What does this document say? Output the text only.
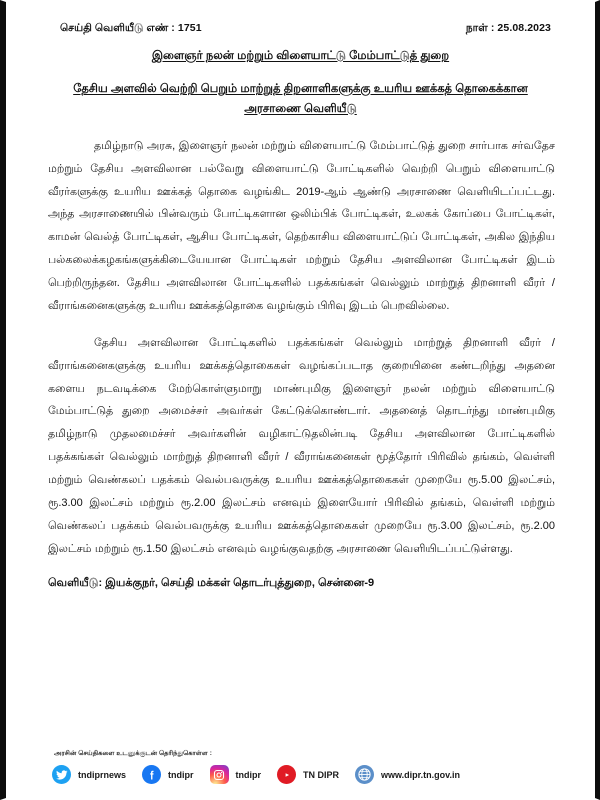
செய்தி வெளியீடு எண் : 1751	நாள் : 25.08.2023
இளைஞர் நலன் மற்றும் விளையாட்டு மேம்பாட்டுத் துறை
தேசிய அளவில் வெற்றி பெறும் மாற்றுத் திறனாளிகளுக்கு உயரிய ஊக்கத் தொகைக்கான அரசாணை வெளியீடு

தமிழ்நாடு அரசு, இளைஞர் நலன் மற்றும் விளையாட்டு மேம்பாட்டுத் துறை சார்பாக சர்வதேச மற்றும் தேசிய அளவிலான பல்வேறு விளையாட்டு போட்டிகளில் வெற்றி பெறும் விளையாட்டு வீரர்களுக்கு உயரிய ஊக்கத் தொகை வழங்கிட 2019-ஆம் ஆண்டு அரசாணை வெளியிடப்பட்டது. அந்த அரசாணையில் பின்வரும் போட்டிகளான ஒலிம்பிக் போட்டிகள், உலகக் கோப்பை போட்டிகள், காமன் வெல்த் போட்டிகள், ஆசிய போட்டிகள், தெற்காசிய விளையாட்டுப் போட்டிகள், அகில இந்திய பல்கலைக்கழகங்களுக்கிடையேயான போட்டிகள் மற்றும் தேசிய அளவிலான போட்டிகள் இடம் பெற்றிருந்தன. தேசிய அளவிலான போட்டிகளில் பதக்கங்கள் வெல்லும் மாற்றுத் திறனாளி வீரர் / வீராங்கனைகளுக்கு உயரிய ஊக்கத்தொகை வழங்கும் பிரிவு இடம் பெறவில்லை.

தேசிய அளவிலான போட்டிகளில் பதக்கங்கள் வெல்லும் மாற்றுத் திறனாளி வீரர் / வீராங்கனைகளுக்கு உயரிய ஊக்கத்தொகைகள் வழங்கப்படாத குறையினை கண்டறிந்து அதனை களைய நடவடிக்கை மேற்கொள்ளுமாறு மாண்புமிகு இளைஞர் நலன் மற்றும் விளையாட்டு மேம்பாட்டுத் துறை அமைச்சர் அவர்கள் கேட்டுக்கொண்டார். அதனைத் தொடர்ந்து மாண்புமிகு தமிழ்நாடு முதலமைச்சர் அவர்களின் வழிகாட்டுதலின்படி தேசிய அளவிலான போட்டிகளில் பதக்கங்கள் வெல்லும் மாற்றுத் திறனாளி வீரர் / வீராங்கனைகள் மூத்தோர் பிரிவில் தங்கம், வெள்ளி மற்றும் வெண்கலப் பதக்கம் வெல்பவருக்கு உயரிய ஊக்கத்தொகைகள் முறையே ரூ.5.00 இலட்சம், ரூ.3.00 இலட்சம் மற்றும் ரூ.2.00 இலட்சம் எனவும் இளையோர் பிரிவில் தங்கம், வெள்ளி மற்றும் வெண்கலப் பதக்கம் வெல்பவருக்கு உயரிய ஊக்கத்தொகைகள் முறையே ரூ.3.00 இலட்சம், ரூ.2.00 இலட்சம் மற்றும் ரூ.1.50 இலட்சம் எனவும் வழங்குவதற்கு அரசாணை வெளியிடப்பட்டுள்ளது.

வெளியீடு: இயக்குநர், செய்தி மக்கள் தொடர்புத்துறை, சென்னை-9

அரசின் செய்திகளை உடனுக்குடன் தெரிந்துகொள்ள :
tndiprnews	tndipr	tndipr	TN DIPR	www.dipr.tn.gov.in
